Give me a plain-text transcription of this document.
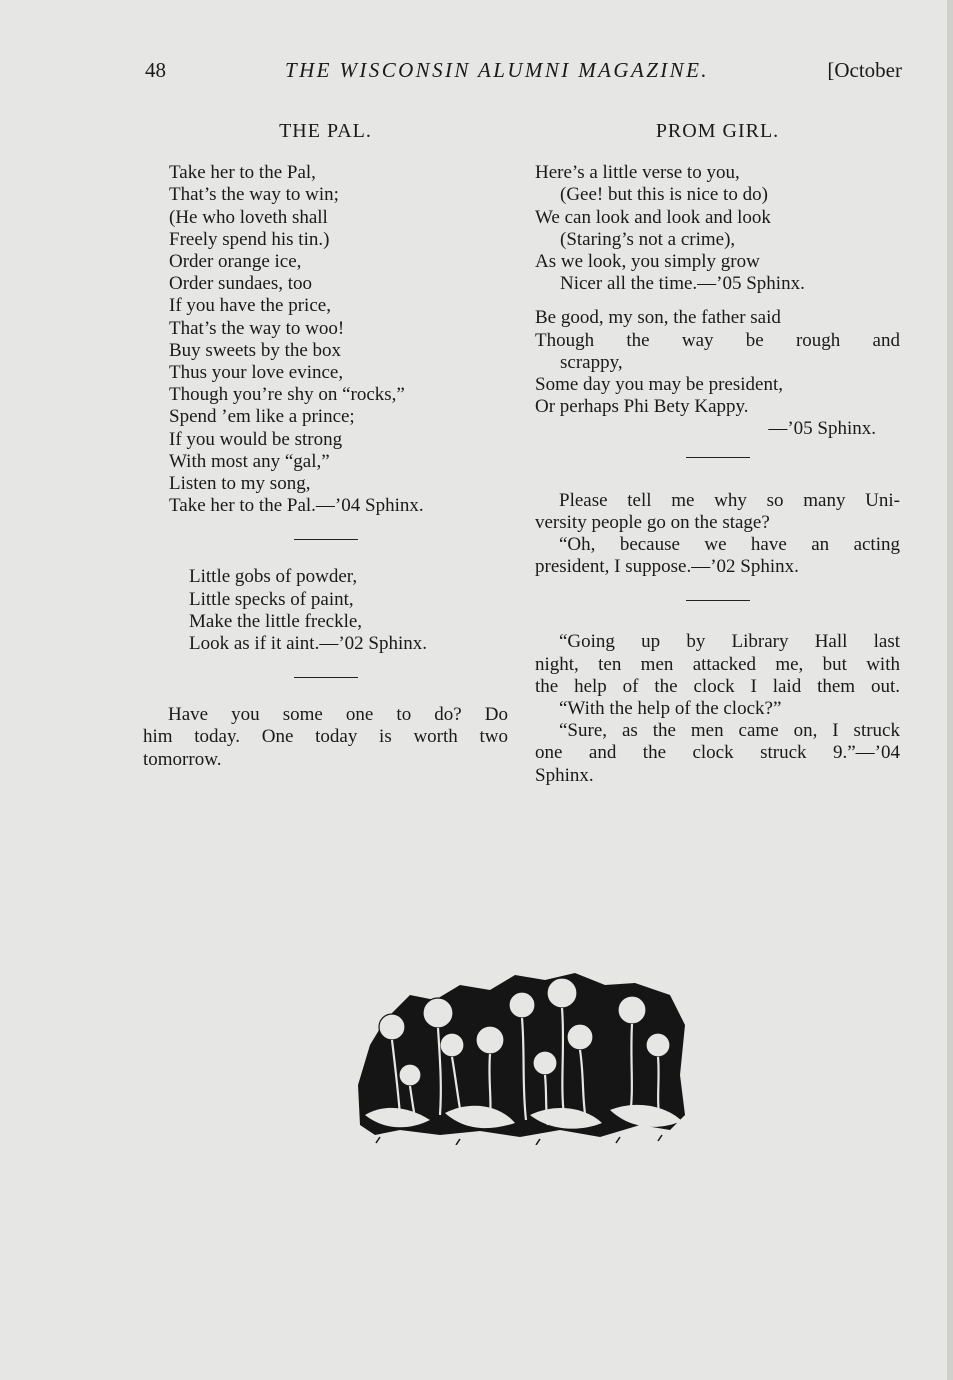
48	THE WISCONSIN ALUMNI MAGAZINE.	[October
THE PAL.
Take her to the Pal,
That’s the way to win;
(He who loveth shall
Freely spend his tin.)
Order orange ice,
Order sundaes, too
If you have the price,
That’s the way to woo!
Buy sweets by the box
Thus your love evince,
Though you’re shy on “rocks,”
Spend ’em like a prince;
If you would be strong
With most any “gal,”
Listen to my song,
Take her to the Pal.—’04 Sphinx.
Little gobs of powder,
Little specks of paint,
Make the little freckle,
Look as if it aint.—’02 Sphinx.
Have you some one to do? Do
him today. One today is worth two
tomorrow.
PROM GIRL.
Here’s a little verse to you,
(Gee! but this is nice to do)
We can look and look and look
(Staring’s not a crime),
As we look, you simply grow
Nicer all the time.—’05 Sphinx.
Be good, my son, the father said
Though the way be rough and
scrappy,
Some day you may be president,
Or perhaps Phi Bety Kappy.
—’05 Sphinx.
Please tell me why so many Uni-
versity people go on the stage?
“Oh, because we have an acting
president, I suppose.—’02 Sphinx.
“Going up by Library Hall last
night, ten men attacked me, but with
the help of the clock I laid them out.
“With the help of the clock?”
“Sure, as the men came on, I struck
one and the clock struck 9.”—’04
Sphinx.
